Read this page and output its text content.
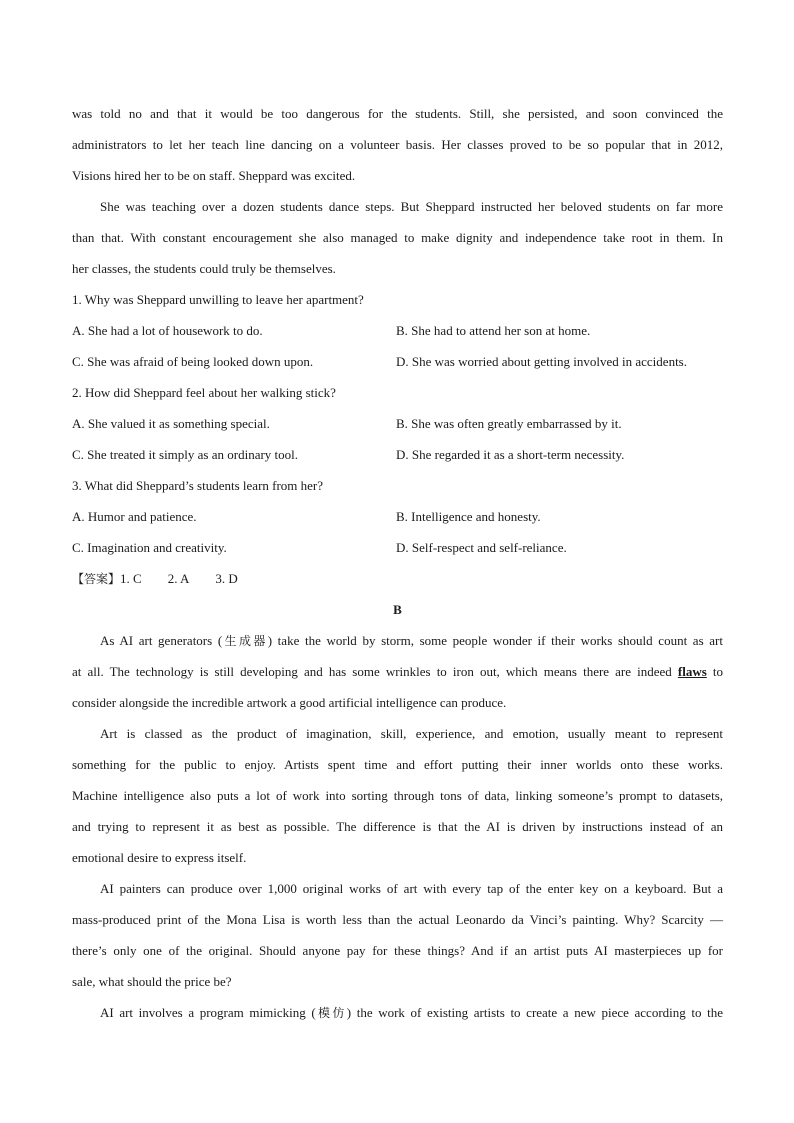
was told no and that it would be too dangerous for the students. Still, she persisted, and soon convinced the
administrators to let her teach line dancing on a volunteer basis. Her classes proved to be so popular that in 2012,
Visions hired her to be on staff. Sheppard was excited.
She was teaching over a dozen students dance steps. But Sheppard instructed her beloved students on far more
than that. With constant encouragement she also managed to make dignity and independence take root in them. In
her classes, the students could truly be themselves.
1. Why was Sheppard unwilling to leave her apartment?
A. She had a lot of housework to do.	B. She had to attend her son at home.
C. She was afraid of being looked down upon.	D. She was worried about getting involved in accidents.
2. How did Sheppard feel about her walking stick?
A. She valued it as something special.	B. She was often greatly embarrassed by it.
C. She treated it simply as an ordinary tool.	D. She regarded it as a short-term necessity.
3. What did Sheppard’s students learn from her?
A. Humor and patience.	B. Intelligence and honesty.
C. Imagination and creativity.	D. Self-respect and self-reliance.
【答案】1. C 2. A 3. D
B
As AI art generators (生成器) take the world by storm, some people wonder if their works should count as art
at all. The technology is still developing and has some wrinkles to iron out, which means there are indeed flaws to
consider alongside the incredible artwork a good artificial intelligence can produce.
Art is classed as the product of imagination, skill, experience, and emotion, usually meant to represent
something for the public to enjoy. Artists spent time and effort putting their inner worlds onto these works.
Machine intelligence also puts a lot of work into sorting through tons of data, linking someone’s prompt to datasets,
and trying to represent it as best as possible. The difference is that the AI is driven by instructions instead of an
emotional desire to express itself.
AI painters can produce over 1,000 original works of art with every tap of the enter key on a keyboard. But a
mass-produced print of the Mona Lisa is worth less than the actual Leonardo da Vinci’s painting. Why? Scarcity —
there’s only one of the original. Should anyone pay for these things? And if an artist puts AI masterpieces up for
sale, what should the price be?
AI art involves a program mimicking (模仿) the work of existing artists to create a new piece according to the
